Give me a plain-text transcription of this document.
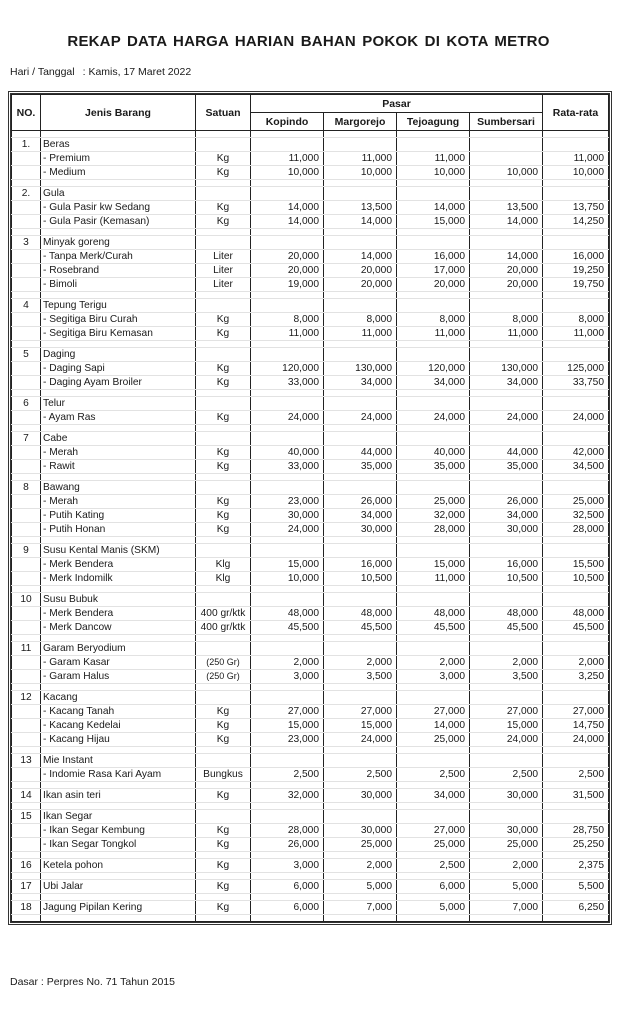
REKAP DATA HARGA HARIAN BAHAN POKOK DI KOTA METRO
Hari / Tanggal : Kamis, 17 Maret 2022
NO.	Jenis Barang	Satuan	Pasar				Rata-rata
			Kopindo	Margorejo	Tejoagung	Sumbersari	

1.	Beras						
	- Premium	Kg	11,000	11,000	11,000		11,000
	- Medium	Kg	10,000	10,000	10,000	10,000	10,000

2.	Gula						
	- Gula Pasir kw Sedang	Kg	14,000	13,500	14,000	13,500	13,750
	- Gula Pasir (Kemasan)	Kg	14,000	14,000	15,000	14,000	14,250

3	Minyak goreng						
	- Tanpa Merk/Curah	Liter	20,000	14,000	16,000	14,000	16,000
	- Rosebrand	Liter	20,000	20,000	17,000	20,000	19,250
	- Bimoli	Liter	19,000	20,000	20,000	20,000	19,750

4	Tepung Terigu						
	- Segitiga Biru Curah	Kg	8,000	8,000	8,000	8,000	8,000
	- Segitiga Biru Kemasan	Kg	11,000	11,000	11,000	11,000	11,000

5	Daging						
	- Daging Sapi	Kg	120,000	130,000	120,000	130,000	125,000
	- Daging Ayam Broiler	Kg	33,000	34,000	34,000	34,000	33,750

6	Telur						
	- Ayam Ras	Kg	24,000	24,000	24,000	24,000	24,000

7	Cabe						
	- Merah	Kg	40,000	44,000	40,000	44,000	42,000
	- Rawit	Kg	33,000	35,000	35,000	35,000	34,500

8	Bawang						
	- Merah	Kg	23,000	26,000	25,000	26,000	25,000
	- Putih Kating	Kg	30,000	34,000	32,000	34,000	32,500
	- Putih Honan	Kg	24,000	30,000	28,000	30,000	28,000

9	Susu Kental Manis (SKM)						
	- Merk Bendera	Klg	15,000	16,000	15,000	16,000	15,500
	- Merk Indomilk	Klg	10,000	10,500	11,000	10,500	10,500

10	Susu Bubuk						
	- Merk Bendera	400 gr/ktk	48,000	48,000	48,000	48,000	48,000
	- Merk Dancow	400 gr/ktk	45,500	45,500	45,500	45,500	45,500

11	Garam Beryodium						
	- Garam Kasar	(250 Gr)	2,000	2,000	2,000	2,000	2,000
	- Garam Halus	(250 Gr)	3,000	3,500	3,000	3,500	3,250

12	Kacang						
	- Kacang Tanah	Kg	27,000	27,000	27,000	27,000	27,000
	- Kacang Kedelai	Kg	15,000	15,000	14,000	15,000	14,750
	- Kacang Hijau	Kg	23,000	24,000	25,000	24,000	24,000

13	Mie Instant						
	- Indomie Rasa Kari Ayam	Bungkus	2,500	2,500	2,500	2,500	2,500

14	Ikan asin teri	Kg	32,000	30,000	34,000	30,000	31,500

15	Ikan Segar						
	- Ikan Segar Kembung	Kg	28,000	30,000	27,000	30,000	28,750
	- Ikan Segar Tongkol	Kg	26,000	25,000	25,000	25,000	25,250

16	Ketela pohon	Kg	3,000	2,000	2,500	2,000	2,375

17	Ubi Jalar	Kg	6,000	5,000	6,000	5,000	5,500

18	Jagung Pipilan Kering	Kg	6,000	7,000	5,000	7,000	6,250

Dasar : Perpres No. 71 Tahun 2015
